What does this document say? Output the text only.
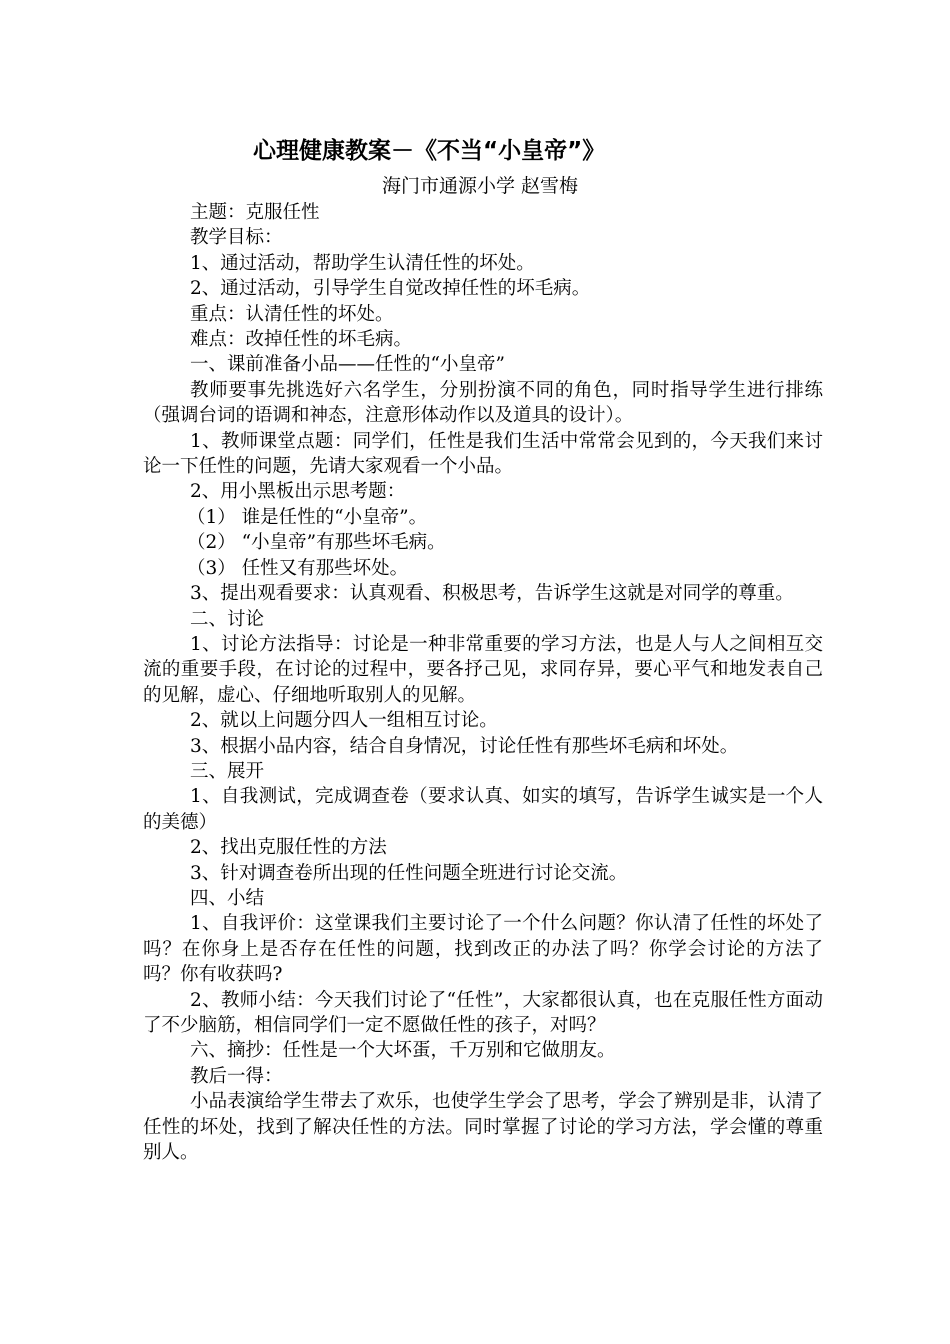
心理健康教案－《不当“小皇帝”》
海门市通源小学 赵雪梅

主题：克服任性

教学目标：

1、通过活动，帮助学生认清任性的坏处。

2、通过活动，引导学生自觉改掉任性的坏毛病。

重点：认清任性的坏处。

难点：改掉任性的坏毛病。

一、课前准备小品——任性的“小皇帝”

教师要事先挑选好六名学生，分别扮演不同的角色，同时指导学生进行排练（强调台词的语调和神态，注意形体动作以及道具的设计）。

1、教师课堂点题：同学们，任性是我们生活中常常会见到的，今天我们来讨论一下任性的问题，先请大家观看一个小品。

2、用小黑板出示思考题：

（1） 谁是任性的“小皇帝”。

（2） “小皇帝”有那些坏毛病。

（3） 任性又有那些坏处。

3、提出观看要求：认真观看、积极思考，告诉学生这就是对同学的尊重。

二、讨论

1、讨论方法指导：讨论是一种非常重要的学习方法，也是人与人之间相互交流的重要手段，在讨论的过程中，要各抒己见，求同存异，要心平气和地发表自己的见解，虚心、仔细地听取别人的见解。

2、就以上问题分四人一组相互讨论。

3、根据小品内容，结合自身情况，讨论任性有那些坏毛病和坏处。

三、展开

1、自我测试，完成调查卷（要求认真、如实的填写，告诉学生诚实是一个人的美德）

2、找出克服任性的方法

3、针对调查卷所出现的任性问题全班进行讨论交流。

四、小结

1、自我评价：这堂课我们主要讨论了一个什么问题？你认清了任性的坏处了吗？在你身上是否存在任性的问题，找到改正的办法了吗？你学会讨论的方法了吗？你有收获吗?

2、教师小结：今天我们讨论了“任性”，大家都很认真，也在克服任性方面动了不少脑筋，相信同学们一定不愿做任性的孩子，对吗？

六、摘抄：任性是一个大坏蛋，千万别和它做朋友。

教后一得：

小品表演给学生带去了欢乐，也使学生学会了思考，学会了辨别是非，认清了任性的坏处，找到了解决任性的方法。同时掌握了讨论的学习方法，学会懂的尊重别人。
